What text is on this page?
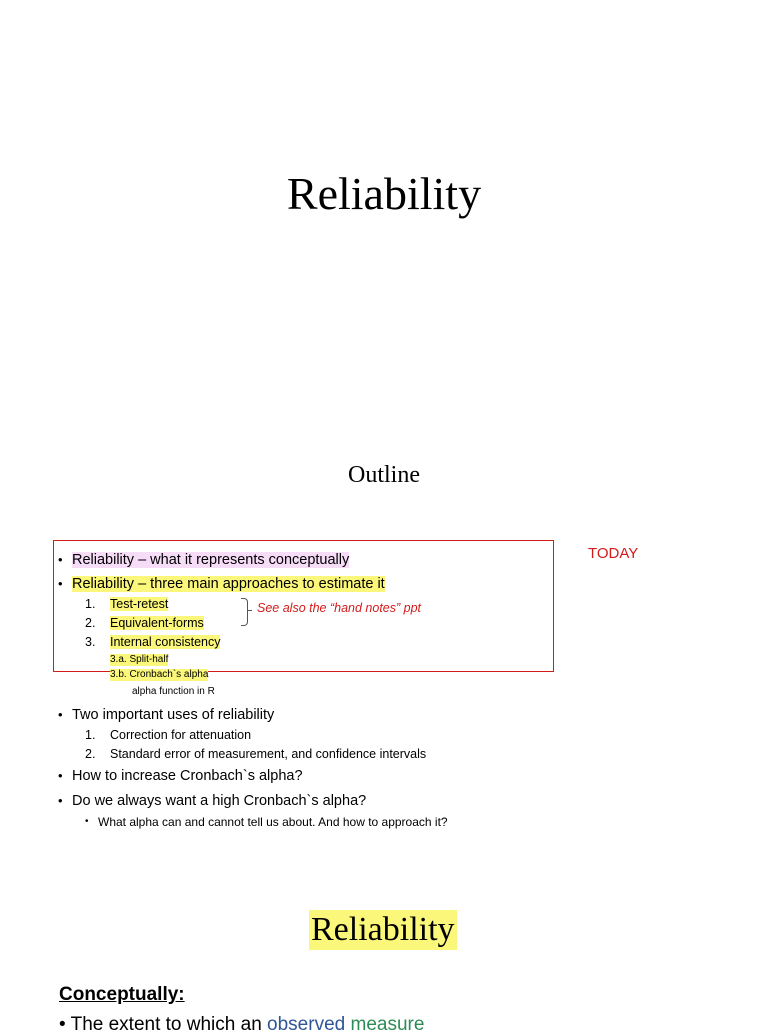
Reliability
Outline
TODAY
• Reliability – what it represents conceptually
• Reliability – three main approaches to estimate it
1. Test-retest
2. Equivalent-forms
3. Internal consistency
See also the “hand notes” ppt
3.a. Split-half
3.b. Cronbach`s alpha
alpha function in R
• Two important uses of reliability
1. Correction for attenuation
2. Standard error of measurement, and confidence intervals
• How to increase Cronbach`s alpha?
• Do we always want a high Cronbach`s alpha?
• What alpha can and cannot tell us about. And how to approach it?
Reliability
Conceptually:
• The extent to which an observed measure
